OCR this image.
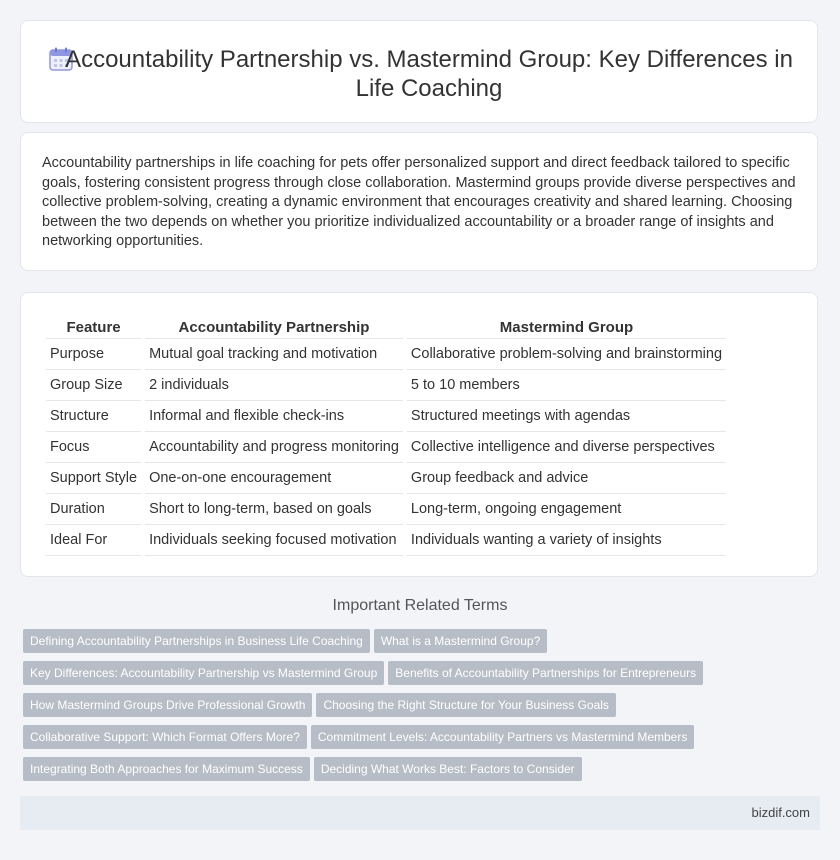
Accountability Partnership vs. Mastermind Group: Key Differences in Life Coaching

Accountability partnerships in life coaching for pets offer personalized support and direct feedback tailored to specific goals, fostering consistent progress through close collaboration. Mastermind groups provide diverse perspectives and collective problem-solving, creating a dynamic environment that encourages creativity and shared learning. Choosing between the two depends on whether you prioritize individualized accountability or a broader range of insights and networking opportunities.

Feature	Accountability Partnership	Mastermind Group
Purpose	Mutual goal tracking and motivation	Collaborative problem-solving and brainstorming
Group Size	2 individuals	5 to 10 members
Structure	Informal and flexible check-ins	Structured meetings with agendas
Focus	Accountability and progress monitoring	Collective intelligence and diverse perspectives
Support Style	One-on-one encouragement	Group feedback and advice
Duration	Short to long-term, based on goals	Long-term, ongoing engagement
Ideal For	Individuals seeking focused motivation	Individuals wanting a variety of insights
Important Related Terms
Defining Accountability Partnerships in Business Life Coaching What is a Mastermind Group?Key Differences: Accountability Partnership vs Mastermind Group Benefits of Accountability Partnerships for EntrepreneursHow Mastermind Groups Drive Professional Growth Choosing the Right Structure for Your Business GoalsCollaborative Support: Which Format Offers More? Commitment Levels: Accountability Partners vs Mastermind MembersIntegrating Both Approaches for Maximum Success Deciding What Works Best: Factors to Consider
bizdif.com
